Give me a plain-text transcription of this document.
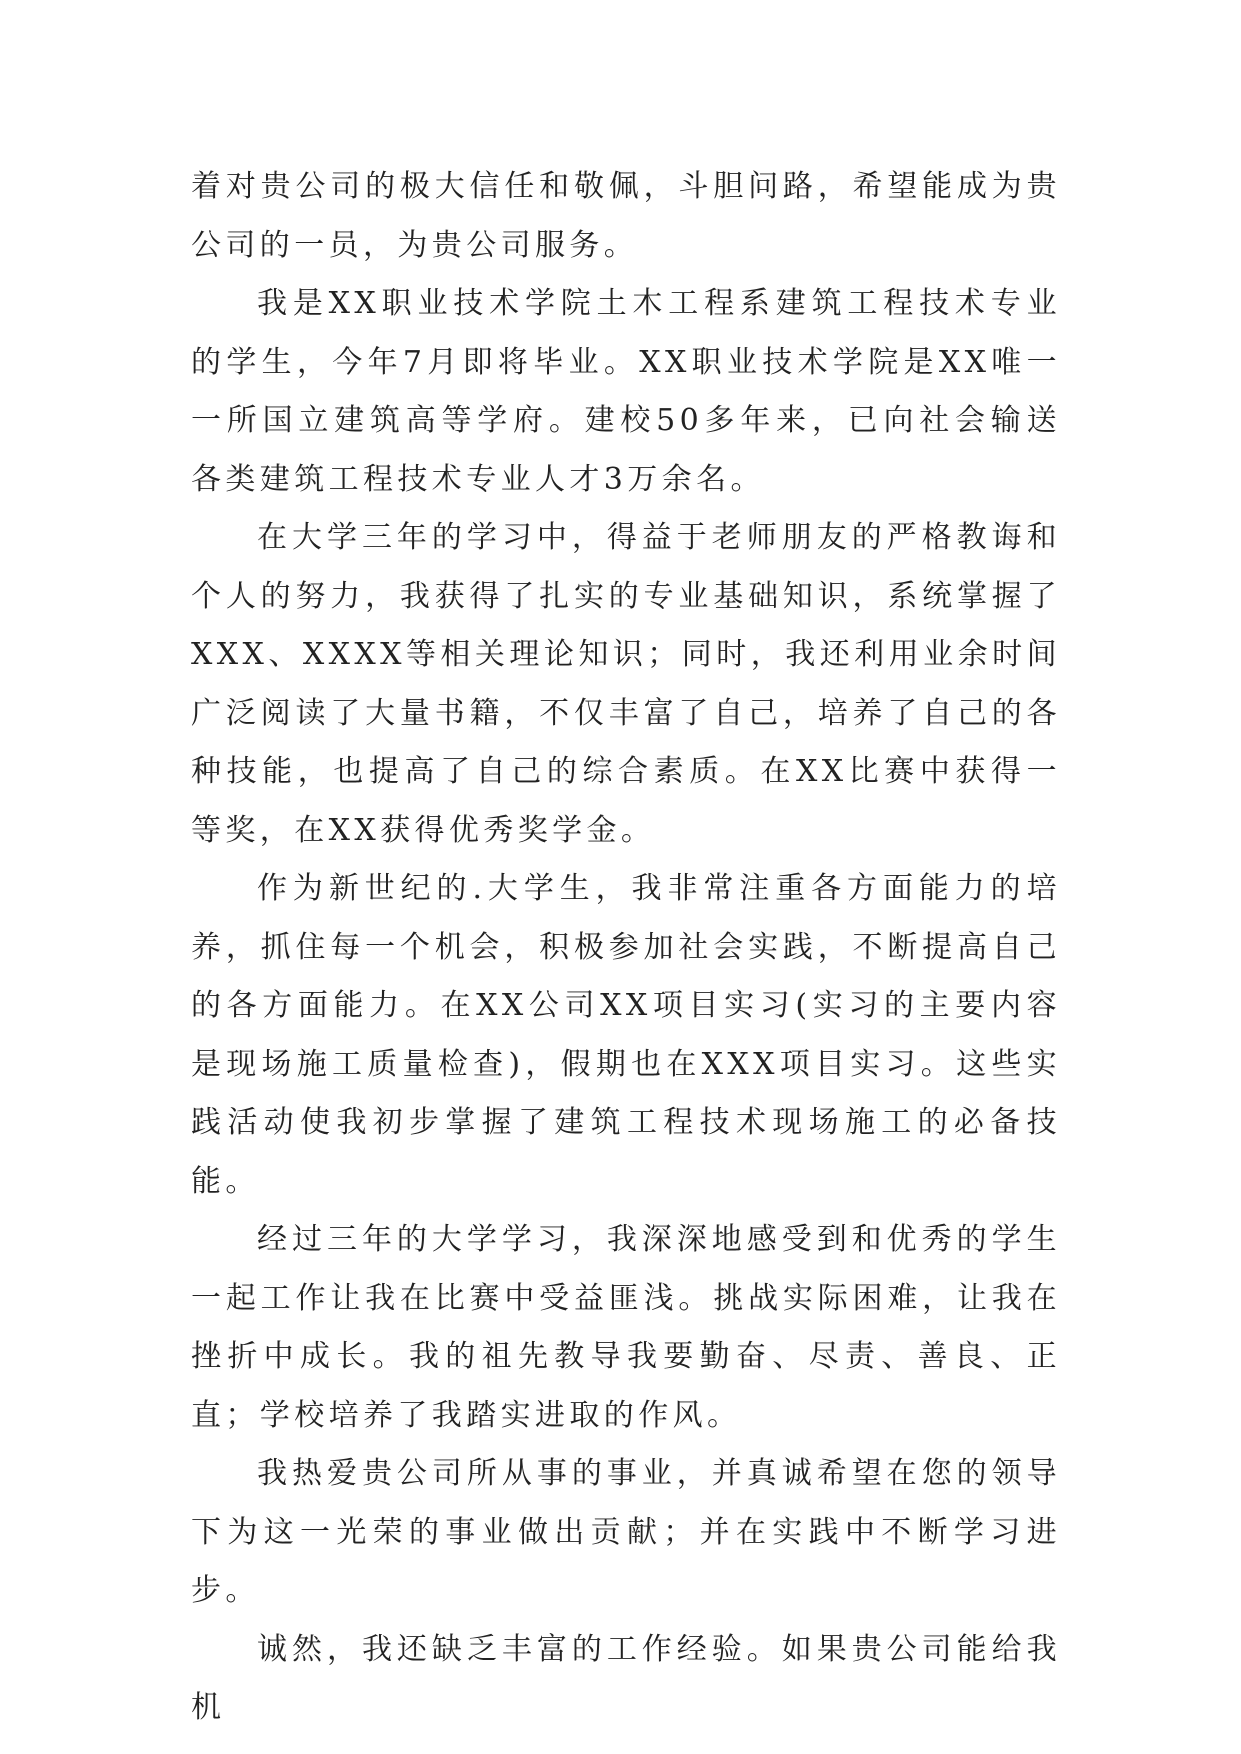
着对贵公司的极大信任和敬佩，斗胆问路，希望能成为贵公司的一员，为贵公司服务。

我是XX职业技术学院土木工程系建筑工程技术专业的学生，今年7月即将毕业。XX职业技术学院是XX唯一一所国立建筑高等学府。建校50多年来，已向社会输送各类建筑工程技术专业人才3万余名。

在大学三年的学习中，得益于老师朋友的严格教诲和个人的努力，我获得了扎实的专业基础知识，系统掌握了XXX、XXXX等相关理论知识；同时，我还利用业余时间广泛阅读了大量书籍，不仅丰富了自己，培养了自己的各种技能，也提高了自己的综合素质。在XX比赛中获得一等奖，在XX获得优秀奖学金。

作为新世纪的.大学生，我非常注重各方面能力的培养，抓住每一个机会，积极参加社会实践，不断提高自己的各方面能力。在XX公司XX项目实习(实习的主要内容是现场施工质量检查)，假期也在XXX项目实习。这些实践活动使我初步掌握了建筑工程技术现场施工的必备技能。

经过三年的大学学习，我深深地感受到和优秀的学生一起工作让我在比赛中受益匪浅。挑战实际困难，让我在挫折中成长。我的祖先教导我要勤奋、尽责、善良、正直；学校培养了我踏实进取的作风。

我热爱贵公司所从事的事业，并真诚希望在您的领导下为这一光荣的事业做出贡献；并在实践中不断学习进步。

诚然，我还缺乏丰富的工作经验。如果贵公司能给我机
